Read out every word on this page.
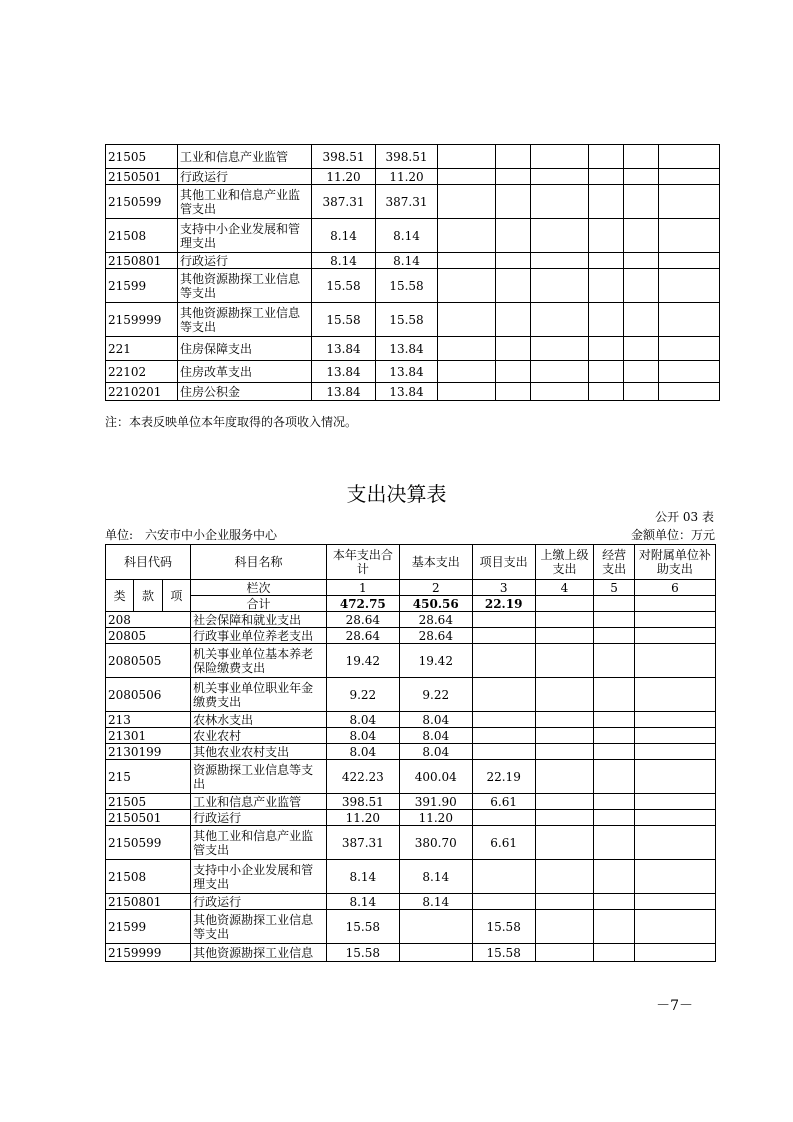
21505	工业和信息产业监管	398.51	398.51						
2150501	行政运行	11.20	11.20						
2150599	其他工业和信息产业监管支出	387.31	387.31						
21508	支持中小企业发展和管理支出	8.14	8.14						
2150801	行政运行	8.14	8.14						
21599	其他资源勘探工业信息等支出	15.58	15.58						
2159999	其他资源勘探工业信息等支出	15.58	15.58						
221	住房保障支出	13.84	13.84						
22102	住房改革支出	13.84	13.84						
2210201	住房公积金	13.84	13.84						
注：本表反映单位本年度取得的各项收入情况。
支出决算表
公开 03 表
单位:　六安市中小企业服务中心	金额单位：万元
科目代码			科目名称	本年支出合计	基本支出	项目支出	上缴上级支出	经营支出	对附属单位补助支出
类	款	项	栏次	1	2	3	4	5	6
			合计	472.75	450.56	22.19			
208			社会保障和就业支出	28.64	28.64				
20805			行政事业单位养老支出	28.64	28.64				
2080505			机关事业单位基本养老保险缴费支出	19.42	19.42				
2080506			机关事业单位职业年金缴费支出	9.22	9.22				
213			农林水支出	8.04	8.04				
21301			农业农村	8.04	8.04				
2130199			其他农业农村支出	8.04	8.04				
215			资源勘探工业信息等支出	422.23	400.04	22.19			
21505			工业和信息产业监管	398.51	391.90	6.61			
2150501			行政运行	11.20	11.20				
2150599			其他工业和信息产业监管支出	387.31	380.70	6.61			
21508			支持中小企业发展和管理支出	8.14	8.14				
2150801			行政运行	8.14	8.14				
21599			其他资源勘探工业信息等支出	15.58		15.58			
2159999			其他资源勘探工业信息	15.58		15.58			
－7－
